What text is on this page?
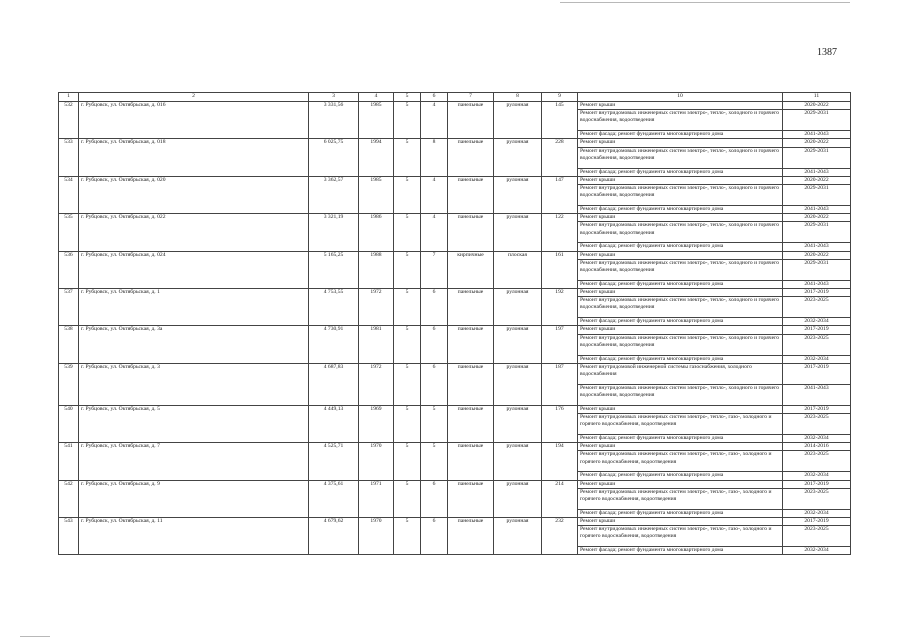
1387
1	2	3	4	5	6	7	8	9	10	11
532	г. Рубцовск, ул. Октябрьская, д. 016	3 331,56	1985	5	4	панельные	рулонная	145	Ремонт крыши	2020-2022
									Ремонт внутридомовых инженерных систем электро-, тепло-, холодного и горячего водоснабжения, водоотведения	2029-2031
									Ремонт фасада; ремонт фундамента многоквартирного дома	2041-2043
533	г. Рубцовск, ул. Октябрьская, д. 018	6 025,75	1994	5	8	панельные	рулонная	228	Ремонт крыши	2020-2022
									Ремонт внутридомовых инженерных систем электро-, тепло-, холодного и горячего водоснабжения, водоотведения	2029-2031
									Ремонт фасада; ремонт фундамента многоквартирного дома	2041-2043
534	г. Рубцовск, ул. Октябрьская, д. 020	3 362,57	1985	5	4	панельные	рулонная	147	Ремонт крыши	2020-2022
									Ремонт внутридомовых инженерных систем электро-, тепло-, холодного и горячего водоснабжения, водоотведения	2029-2031
									Ремонт фасада; ремонт фундамента многоквартирного дома	2041-2043
535	г. Рубцовск, ул. Октябрьская, д. 022	3 321,19	1986	5	4	панельные	рулонная	122	Ремонт крыши	2020-2022
									Ремонт внутридомовых инженерных систем электро-, тепло-, холодного и горячего водоснабжения, водоотведения	2029-2031
									Ремонт фасада; ремонт фундамента многоквартирного дома	2041-2043
536	г. Рубцовск, ул. Октябрьская, д. 024	5 165,25	1988	5	7	кирпичные	плоская	161	Ремонт крыши	2020-2022
									Ремонт внутридомовых инженерных систем электро-, тепло-, холодного и горячего водоснабжения, водоотведения	2029-2031
									Ремонт фасада; ремонт фундамента многоквартирного дома	2041-2043
537	г. Рубцовск, ул. Октябрьская, д. 1	4 753,55	1972	5	6	панельные	рулонная	192	Ремонт крыши	2017-2019
									Ремонт внутридомовых инженерных систем электро-, тепло-, холодного и горячего водоснабжения, водоотведения	2023-2025
									Ремонт фасада; ремонт фундамента многоквартирного дома	2032-2034
538	г. Рубцовск, ул. Октябрьская, д. 3а	4 730,91	1981	5	6	панельные	рулонная	197	Ремонт крыши	2017-2019
									Ремонт внутридомовых инженерных систем электро-, тепло-, холодного и горячего водоснабжения, водоотведения	2023-2025
									Ремонт фасада; ремонт фундамента многоквартирного дома	2032-2034
539	г. Рубцовск, ул. Октябрьская, д. 3	4 687,83	1972	5	6	панельные	рулонная	187	Ремонт внутридомовой инженерной системы газоснабжения, холодного водоснабжения	2017-2019
									Ремонт внутридомовых инженерных систем электро-, тепло-, холодного и горячего водоснабжения, водоотведения	2041-2043
540	г. Рубцовск, ул. Октябрьская, д. 5	4 449,13	1969	5	5	панельные	рулонная	176	Ремонт крыши	2017-2019
									Ремонт внутридомовых инженерных систем электро-, тепло-, газо-, холодного и горячего водоснабжения, водоотведения	2023-2025
									Ремонт фасада; ремонт фундамента многоквартирного дома	2032-2034
541	г. Рубцовск, ул. Октябрьская, д. 7	4 525,71	1970	5	5	панельные	рулонная	194	Ремонт крыши	2014-2016
									Ремонт внутридомовых инженерных систем электро-, тепло-, газо-, холодного и горячего водоснабжения, водоотведения	2023-2025
									Ремонт фасада; ремонт фундамента многоквартирного дома	2032-2034
542	г. Рубцовск, ул. Октябрьская, д. 9	4 375,61	1971	5	6	панельные	рулонная	214	Ремонт крыши	2017-2019
									Ремонт внутридомовых инженерных систем электро-, тепло-, газо-, холодного и горячего водоснабжения, водоотведения	2023-2025
									Ремонт фасада; ремонт фундамента многоквартирного дома	2032-2034
543	г. Рубцовск, ул. Октябрьская, д. 11	4 679,62	1970	5	6	панельные	рулонная	232	Ремонт крыши	2017-2019
									Ремонт внутридомовых инженерных систем электро-, тепло-, газо-, холодного и горячего водоснабжения, водоотведения	2023-2025
									Ремонт фасада; ремонт фундамента многоквартирного дома	2032-2034
